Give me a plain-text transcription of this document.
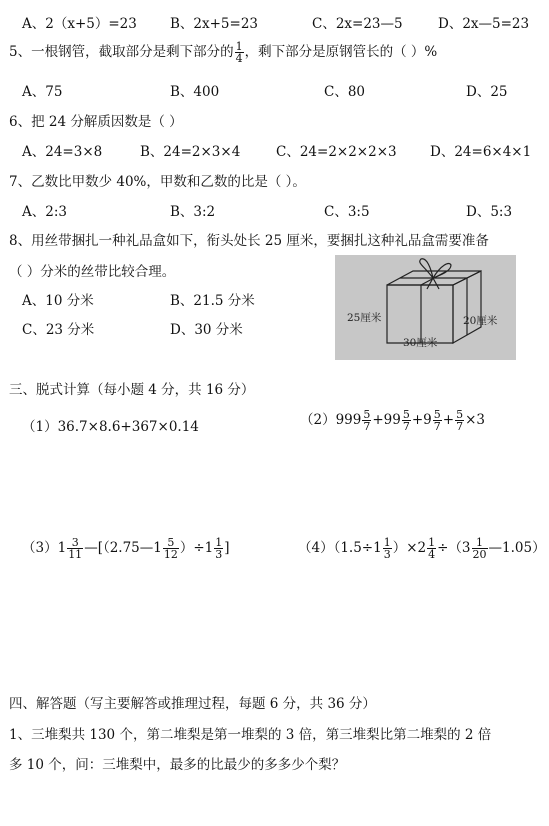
A、2（x+5）=23 B、2x+5=23	C、2x=23—5	D、2x—5=23
5、一根钢管，截取部分是剩下部分的 $\frac{1}{4}$ ，剩下部分是原钢管长的（ ）%
A、75	B、400	C、80	D、25
6、把 24 分解质因数是（ ）
A、24=3×8	B、24=2×3×4	C、24=2×2×2×3 D、24=6×4×1
7、乙数比甲数少 40%，甲数和乙数的比是（ ）。
A、2:3	B、3:2	C、3:5	D、5:3
8、用丝带捆扎一种礼品盒如下，衔头处长 25 厘米，要捆扎这种礼品盒需要准备
（ ）分米的丝带比较合理。
A、10 分米	B、21.5 分米
C、23 分米	D、30 分米
25厘米	20厘米
30厘米
三、脱式计算（每小题 4 分，共 16 分）
（1）36.7×8.6+367×0.14	$(2)999 \frac{5}{7} +99 \frac{5}{7} +9 \frac{5}{7} + \frac{5}{7} \times 3$
$(3)1 \frac{3}{11}$ —[（2.75—1 $\frac{5}{12} )\div 1 \frac{1}{3}$ ]	$(4)(1.5\div 1 \frac{1}{3} )\times 2 \frac{1}{4} \div(3 \frac{1}{20}$ —1.05）
四、解答题（写主要解答或推理过程，每题 6 分，共 36 分）
1、三堆梨共 130 个，第二堆梨是第一堆梨的 3 倍，第三堆梨比第二堆梨的 2 倍
多 10 个，问：三堆梨中，最多的比最少的多多少个梨？
